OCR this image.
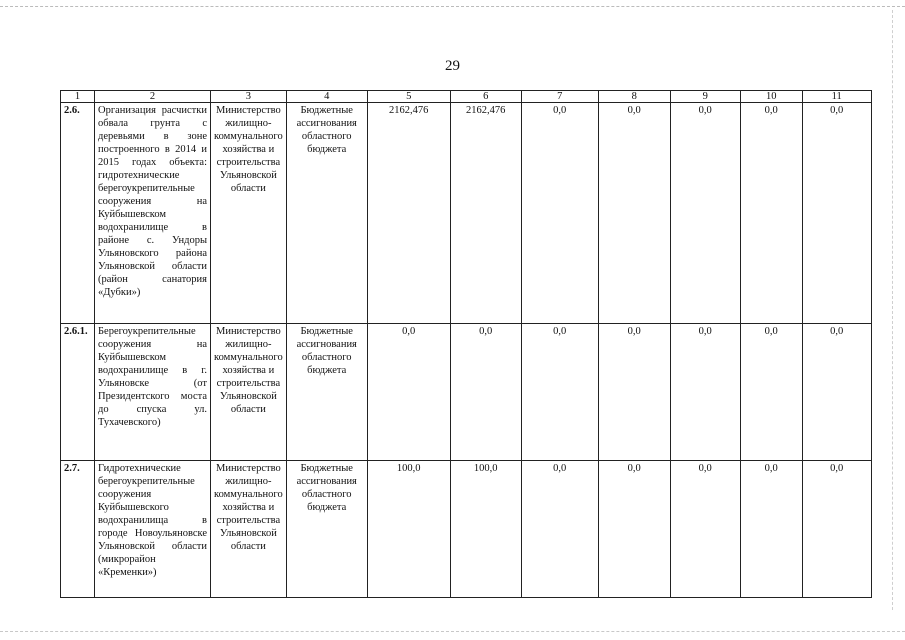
29
1	2	3	4	5	6	7	8	9	10	11
2.6.	Организация расчистки обвала грунта с деревьями в зоне построенного в 2014 и 2015 годах объекта: гидротехнические берегоукрепительные сооружения на Куйбышевском водохранилище в районе с. Ундоры Ульяновского района Ульяновской области (район санатория «Дубки»)	Министерство жилищно-коммунального хозяйства и строительства Ульяновской области	Бюджетные ассигнования областного бюджета	2162,476	2162,476	0,0	0,0	0,0	0,0	0,0
2.6.1.	Берегоукрепительные сооружения на Куйбышевском водохранилище в г. Ульяновске (от Президентского моста до спуска ул. Тухачевского)	Министерство жилищно-коммунального хозяйства и строительства Ульяновской области	Бюджетные ассигнования областного бюджета	0,0	0,0	0,0	0,0	0,0	0,0	0,0
2.7.	Гидротехнические берегоукрепительные сооружения Куйбышевского водохранилища в городе Новоульяновске Ульяновской области (микрорайон «Кременки»)	Министерство жилищно-коммунального хозяйства и строительства Ульяновской области	Бюджетные ассигнования областного бюджета	100,0	100,0	0,0	0,0	0,0	0,0	0,0
